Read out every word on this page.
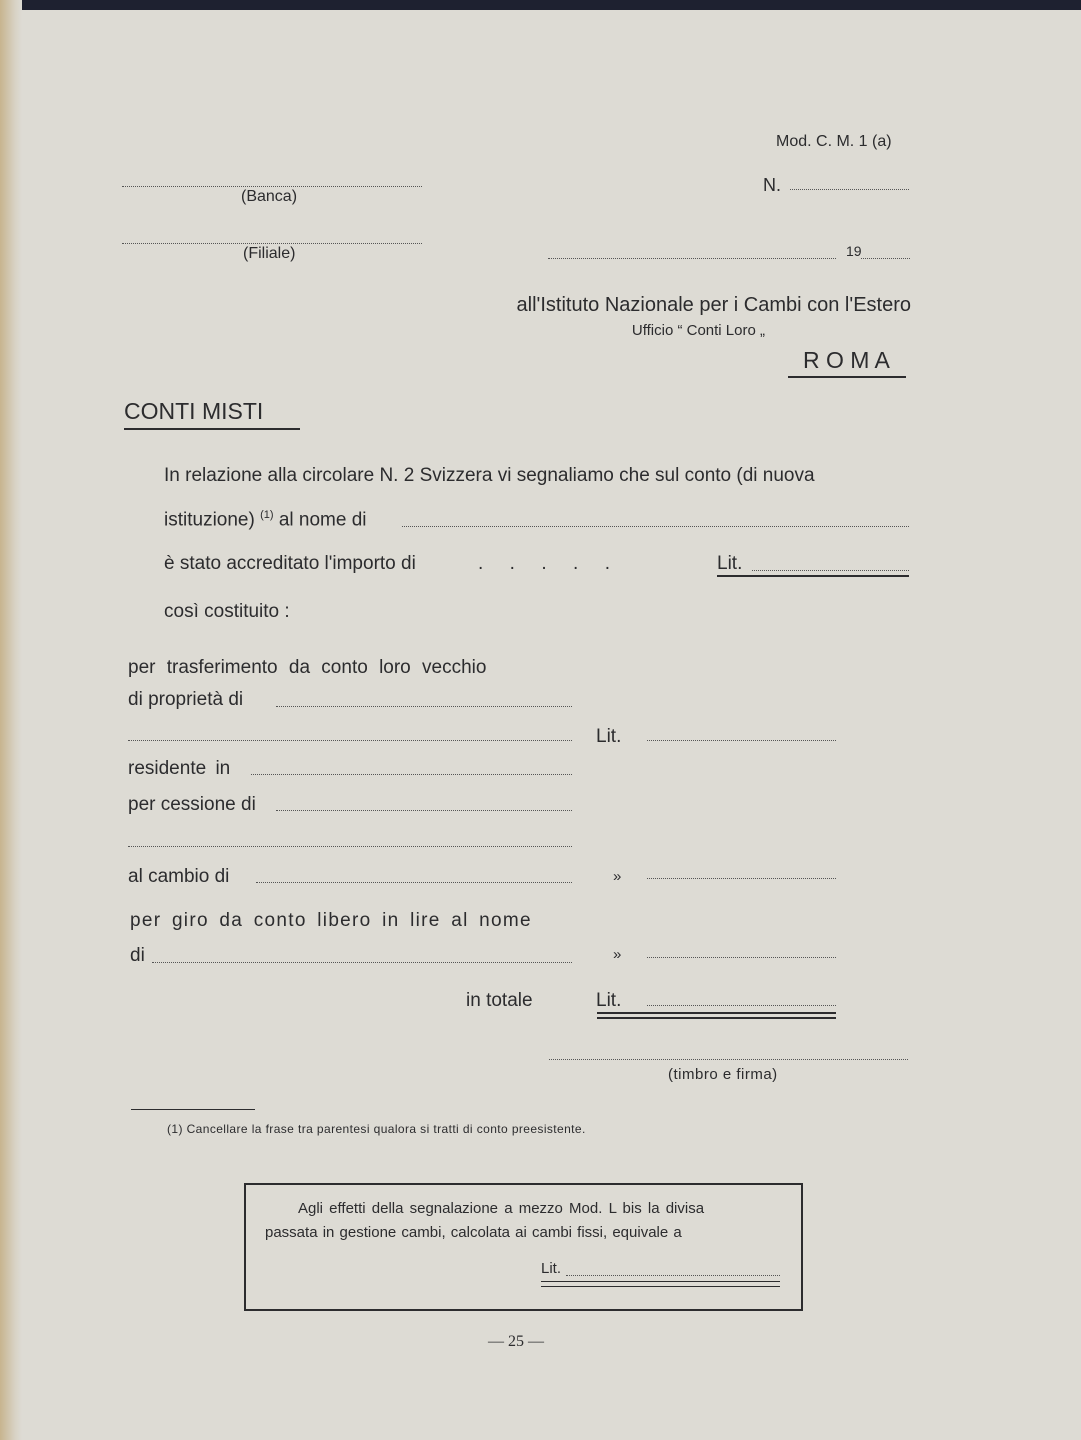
Mod. C. M. 1 (a)
(Banca)
N.
(Filiale)	19
all'Istituto Nazionale per i Cambi con l'Estero
Ufficio “ Conti Loro „
R O M A
CONTI MISTI
In relazione alla circolare N. 2 Svizzera vi segnaliamo che sul conto (di nuova
istituzione) $^{(1)}$ al nome di
è stato accreditato l'importo di	.     .     .     .     .	Lit.
così costituito :
per trasferimento da conto loro vecchio
di proprietà di
Lit.
residente in
per cessione di
al cambio di	»
per giro da conto libero in lire al nome
di	»
in totale	Lit.
(timbro e firma)
(1) Cancellare la frase tra parentesi qualora si tratti di conto preesistente.
Agli effetti della segnalazione a mezzo Mod. L bis la divisa
passata in gestione cambi, calcolata ai cambi fissi, equivale a
Lit.
— 25 —
